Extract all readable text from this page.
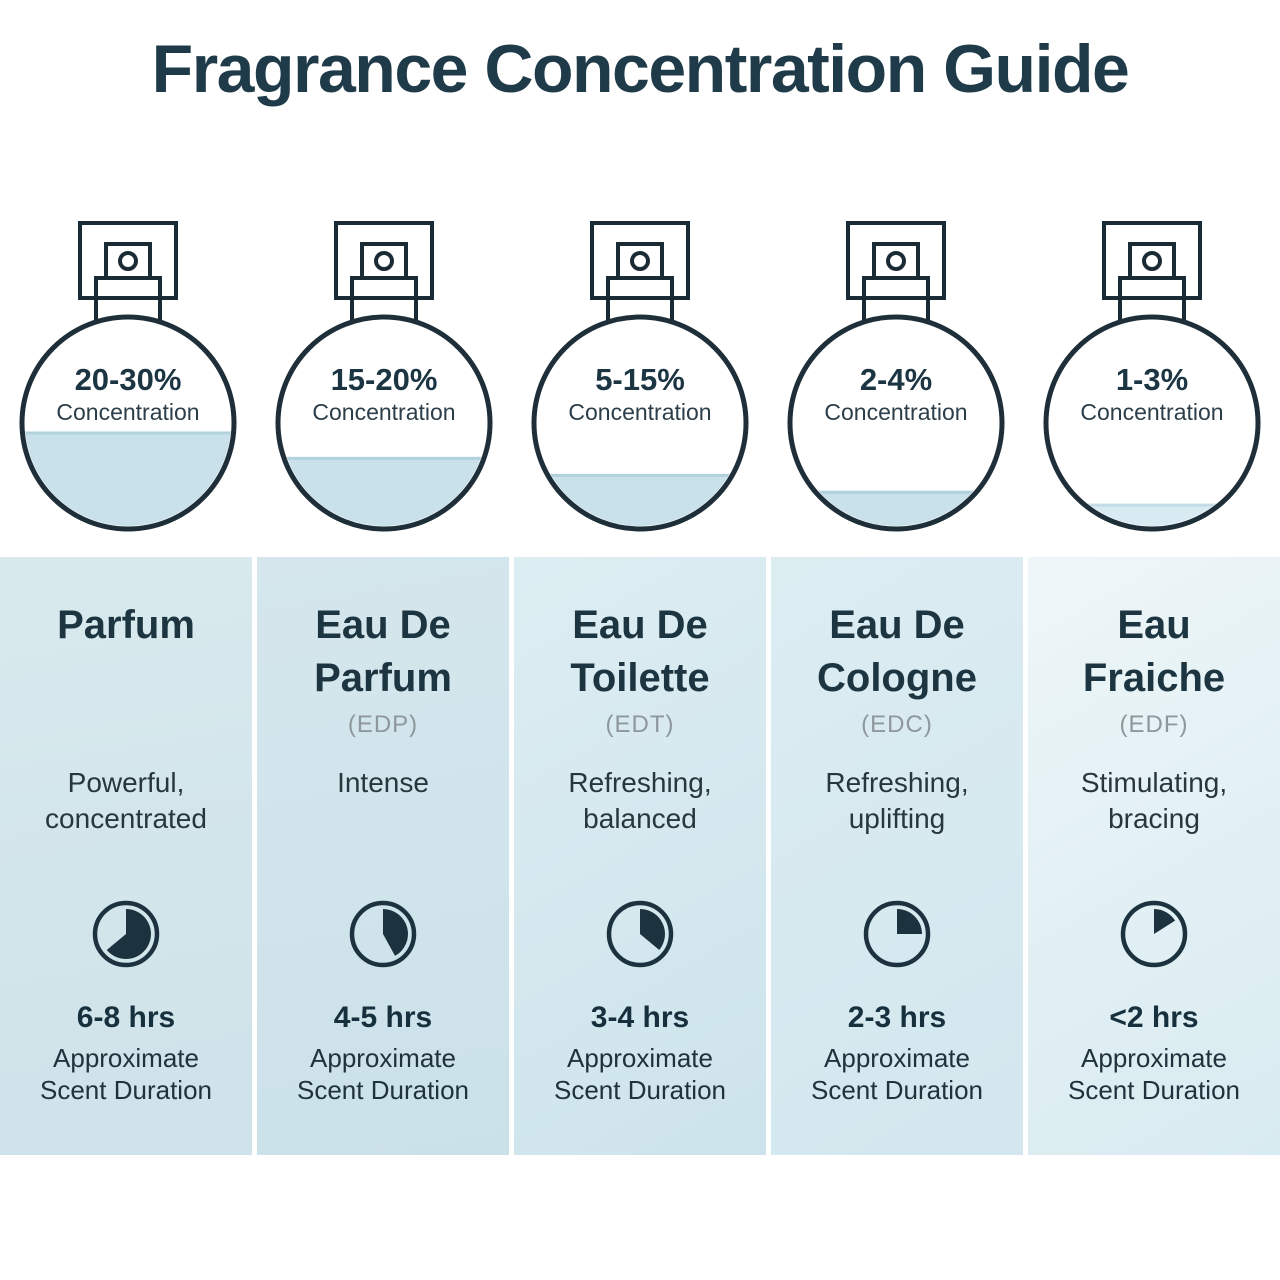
Fragrance Concentration Guide
20-30%
Concentration
15-20%
Concentration
5-15%
Concentration
2-4%
Concentration
1-3%
Concentration
Parfum
Powerful, concentrated
6-8 hrs
Approximate Scent Duration
Eau De Parfum
(EDP)
Intense
4-5 hrs
Approximate Scent Duration
Eau De Toilette
(EDT)
Refreshing, balanced
3-4 hrs
Approximate Scent Duration
Eau De Cologne
(EDC)
Refreshing, uplifting
2-3 hrs
Approximate Scent Duration
Eau Fraiche
(EDF)
Stimulating, bracing
<2 hrs
Approximate Scent Duration
